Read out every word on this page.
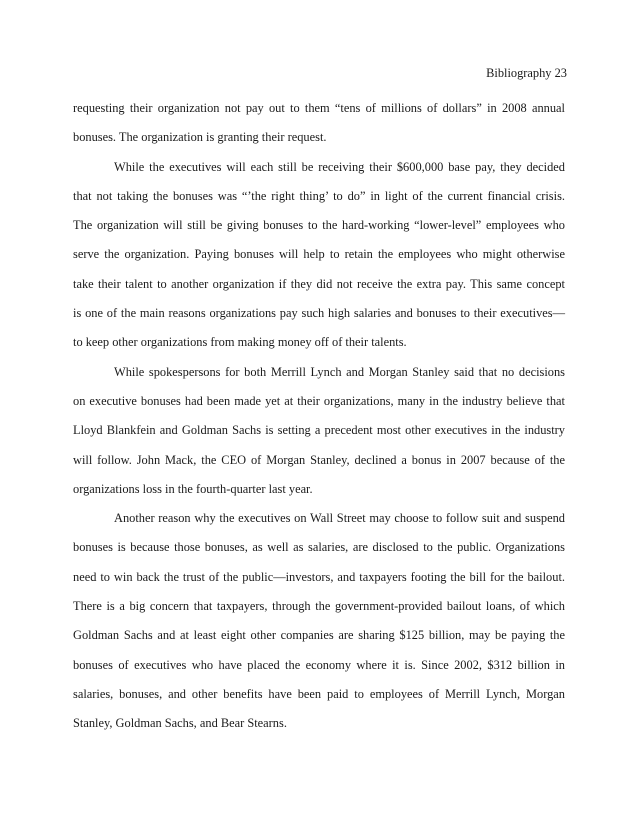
Bibliography 23
requesting their organization not pay out to them “tens of millions of dollars” in 2008 annual
bonuses. The organization is granting their request.
While the executives will each still be receiving their $600,000 base pay, they decided
that not taking the bonuses was “’the right thing’ to do” in light of the current financial crisis.
The organization will still be giving bonuses to the hard-working “lower-level” employees who
serve the organization. Paying bonuses will help to retain the employees who might otherwise
take their talent to another organization if they did not receive the extra pay. This same concept
is one of the main reasons organizations pay such high salaries and bonuses to their executives—
to keep other organizations from making money off of their talents.
While spokespersons for both Merrill Lynch and Morgan Stanley said that no decisions
on executive bonuses had been made yet at their organizations, many in the industry believe that
Lloyd Blankfein and Goldman Sachs is setting a precedent most other executives in the industry
will follow. John Mack, the CEO of Morgan Stanley, declined a bonus in 2007 because of the
organizations loss in the fourth-quarter last year.
Another reason why the executives on Wall Street may choose to follow suit and suspend
bonuses is because those bonuses, as well as salaries, are disclosed to the public. Organizations
need to win back the trust of the public—investors, and taxpayers footing the bill for the bailout.
There is a big concern that taxpayers, through the government-provided bailout loans, of which
Goldman Sachs and at least eight other companies are sharing $125 billion, may be paying the
bonuses of executives who have placed the economy where it is. Since 2002, $312 billion in
salaries, bonuses, and other benefits have been paid to employees of Merrill Lynch, Morgan
Stanley, Goldman Sachs, and Bear Stearns.
